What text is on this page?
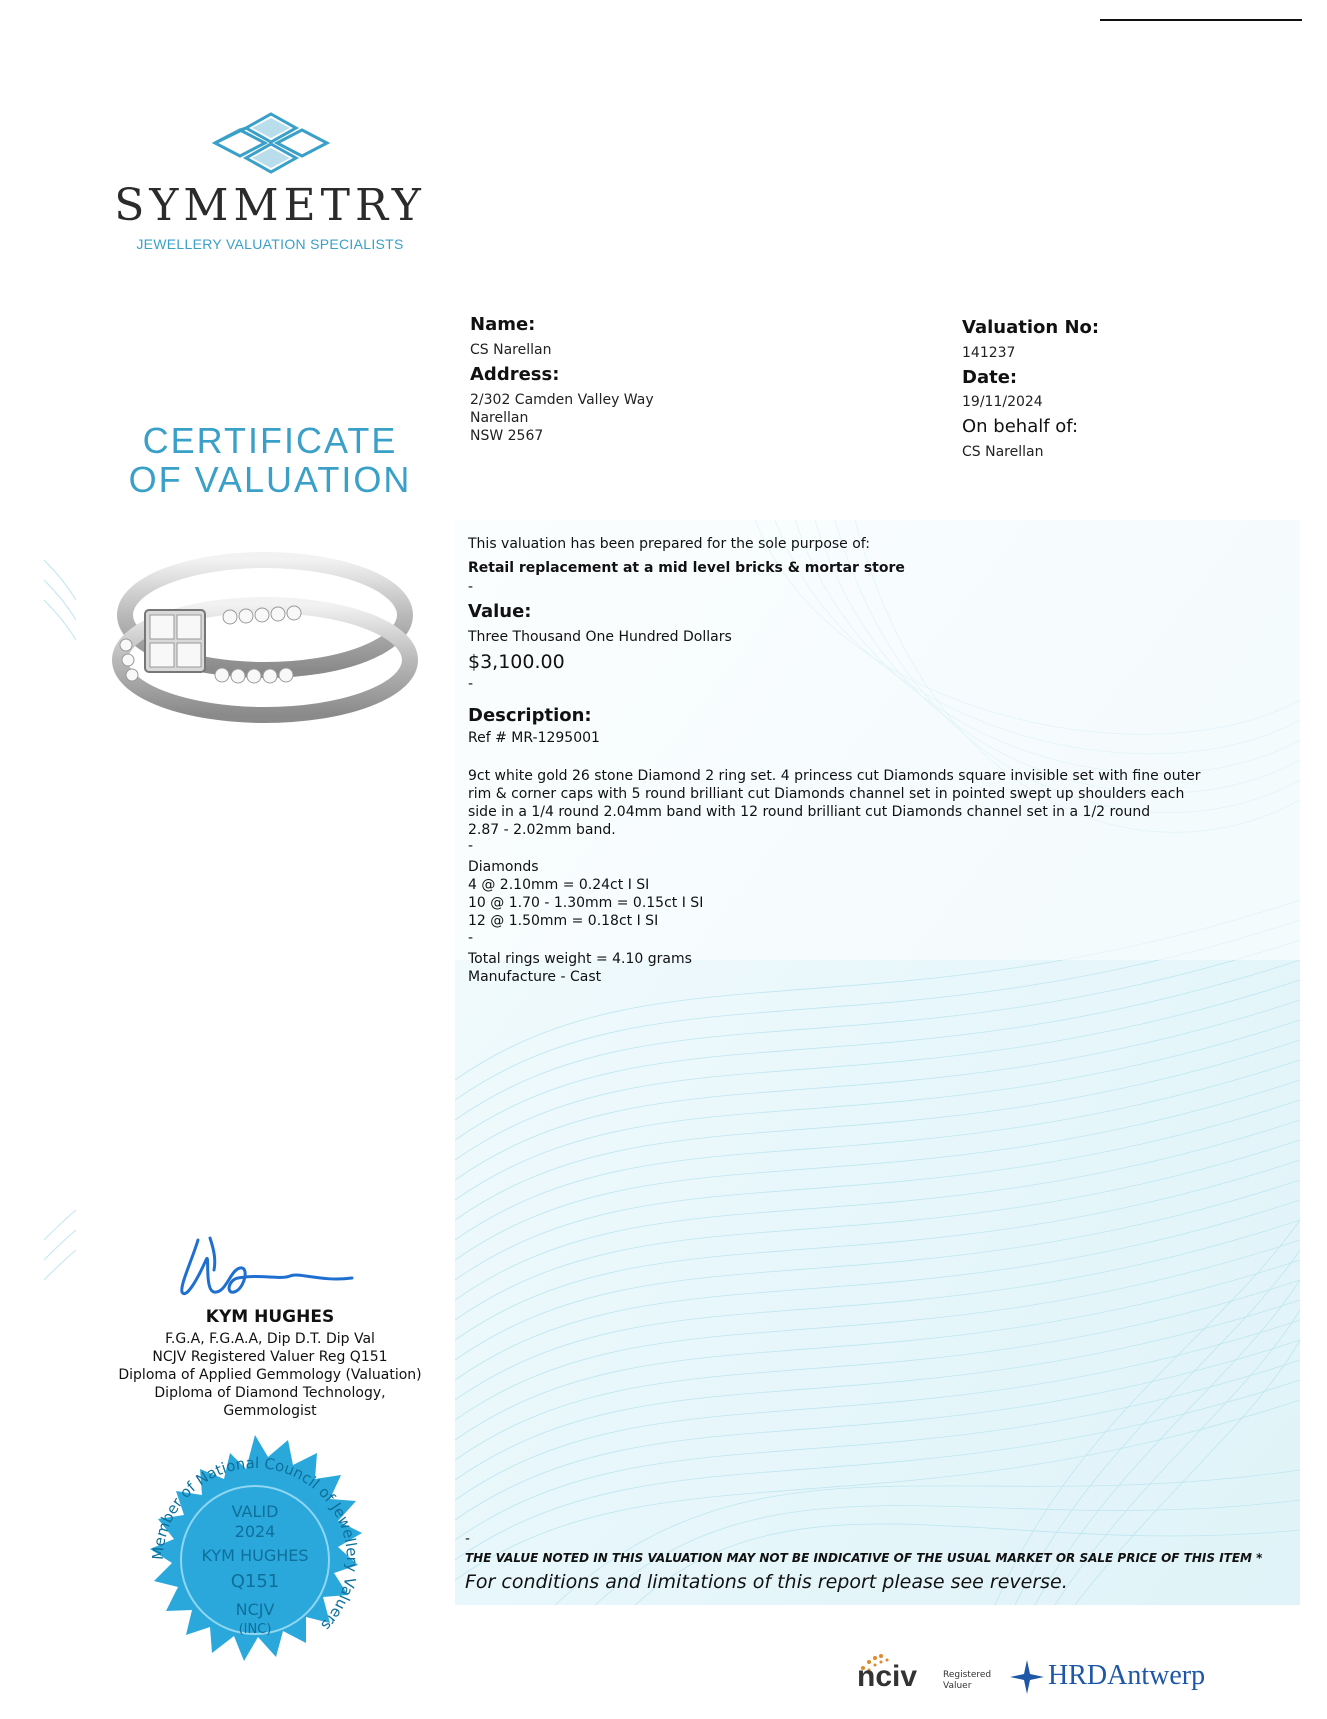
SYMMETRY
JEWELLERY VALUATION SPECIALISTS
Name:
CS Narellan
Address:
2/302 Camden Valley Way
Narellan
NSW 2567
Valuation No:
141237
Date:
19/11/2024
On behalf of:
CS Narellan
CERTIFICATE
OF VALUATION
This valuation has been prepared for the sole purpose of:
Retail replacement at a mid level bricks & mortar store
-
Value:
Three Thousand One Hundred Dollars
$3,100.00
-
Description:
Ref # MR-1295001
9ct white gold 26 stone Diamond 2 ring set. 4 princess cut Diamonds square invisible set with fine outer
rim & corner caps with 5 round brilliant cut Diamonds channel set in pointed swept up shoulders each
side in a 1/4 round 2.04mm band with 12 round brilliant cut Diamonds channel set in a 1/2 round
2.87 - 2.02mm band.
-
Diamonds
4 @ 2.10mm = 0.24ct I SI
10 @ 1.70 - 1.30mm = 0.15ct I SI
12 @ 1.50mm = 0.18ct I SI
-
Total rings weight = 4.10 grams
Manufacture - Cast
KYM HUGHES
F.G.A, F.G.A.A, Dip D.T. Dip Val
NCJV Registered Valuer Reg Q151
Diploma of Applied Gemmology (Valuation)
Diploma of Diamond Technology,
Gemmologist
Member of National Council of Jewellery Valuers
VALID
2024
KYM HUGHES
Q151
NCJV
(INC)
-
THE VALUE NOTED IN THIS VALUATION MAY NOT BE INDICATIVE OF THE USUAL MARKET OR SALE PRICE OF THIS ITEM *
For conditions and limitations of this report please see reverse.
nciv	Registered
Valuer	HRDAntwerp
